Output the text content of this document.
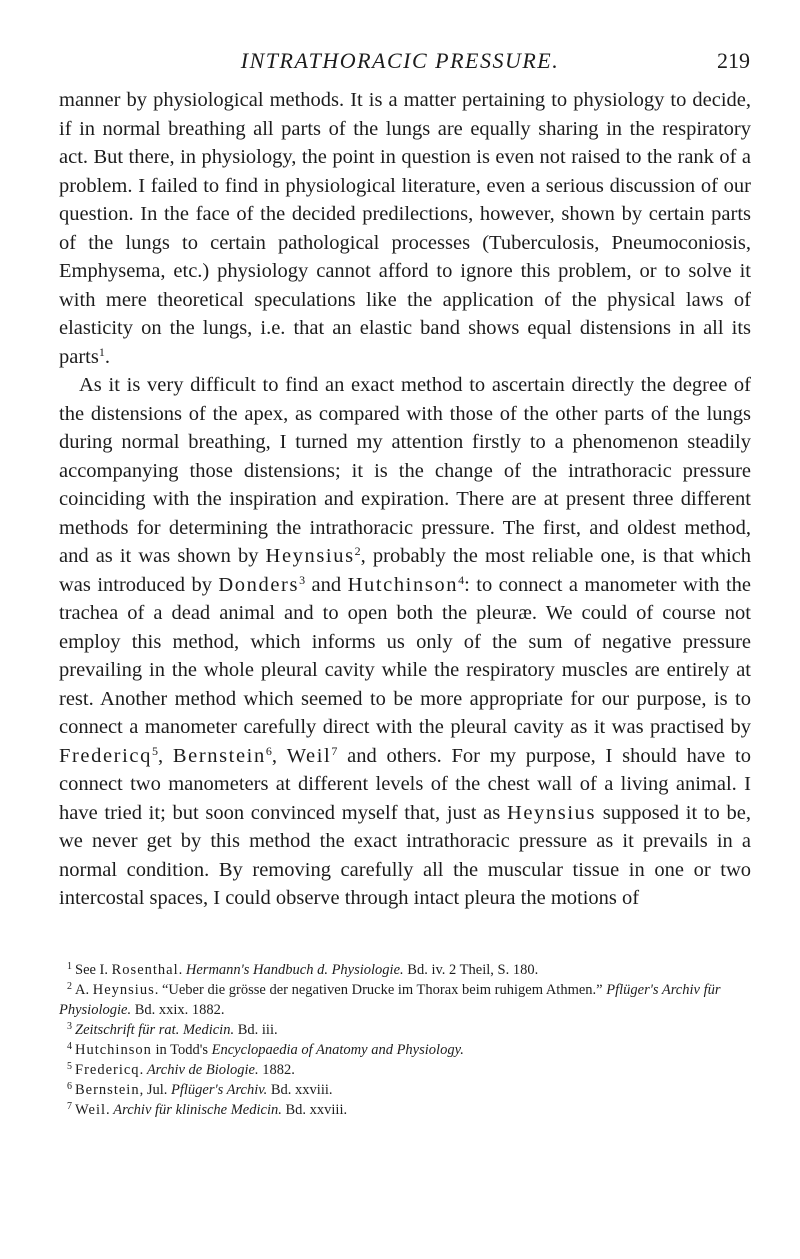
INTRATHORACIC PRESSURE.	219

manner by physiological methods. It is a matter pertaining to physiology to decide, if in normal breathing all parts of the lungs are equally sharing in the respiratory act. But there, in physiology, the point in question is even not raised to the rank of a problem. I failed to find in physiological literature, even a serious discussion of our question. In the face of the decided predilections, however, shown by certain parts of the lungs to certain pathological processes (Tuberculosis, Pneumoconiosis, Emphysema, etc.) physiology cannot afford to ignore this problem, or to solve it with mere theoretical speculations like the application of the physical laws of elasticity on the lungs, i.e. that an elastic band shows equal distensions in all its parts$^1$.

As it is very difficult to find an exact method to ascertain directly the degree of the distensions of the apex, as compared with those of the other parts of the lungs during normal breathing, I turned my attention firstly to a phenomenon steadily accompanying those distensions; it is the change of the intrathoracic pressure coinciding with the inspiration and expiration. There are at present three different methods for determining the intrathoracic pressure. The first, and oldest method, and as it was shown by Heynsius$^2$, probably the most reliable one, is that which was introduced by Donders$^3$ and Hutchinson$^4$: to connect a manometer with the trachea of a dead animal and to open both the pleuræ. We could of course not employ this method, which informs us only of the sum of negative pressure prevailing in the whole pleural cavity while the respiratory muscles are entirely at rest. Another method which seemed to be more appropriate for our purpose, is to connect a manometer carefully direct with the pleural cavity as it was practised by Fredericq$^5$, Bernstein$^6$, Weil$^7$ and others. For my purpose, I should have to connect two manometers at different levels of the chest wall of a living animal. I have tried it; but soon convinced myself that, just as Heynsius supposed it to be, we never get by this method the exact intrathoracic pressure as it prevails in a normal condition. By removing carefully all the muscular tissue in one or two intercostal spaces, I could observe through intact pleura the motions of

$^1$ See I. Rosenthal. Hermann's Handbuch d. Physiologie. Bd. iv. 2 Theil, S. 180.
$^2$ A. Heynsius. “Ueber die grösse der negativen Drucke im Thorax beim ruhigem Athmen.” Pflüger's Archiv für Physiologie. Bd. xxix. 1882.
$^3$ Zeitschrift für rat. Medicin. Bd. iii.
$^4$ Hutchinson in Todd's Encyclopaedia of Anatomy and Physiology.
$^5$ Fredericq. Archiv de Biologie. 1882.
$^6$ Bernstein, Jul. Pflüger's Archiv. Bd. xxviii.
$^7$ Weil. Archiv für klinische Medicin. Bd. xxviii.
